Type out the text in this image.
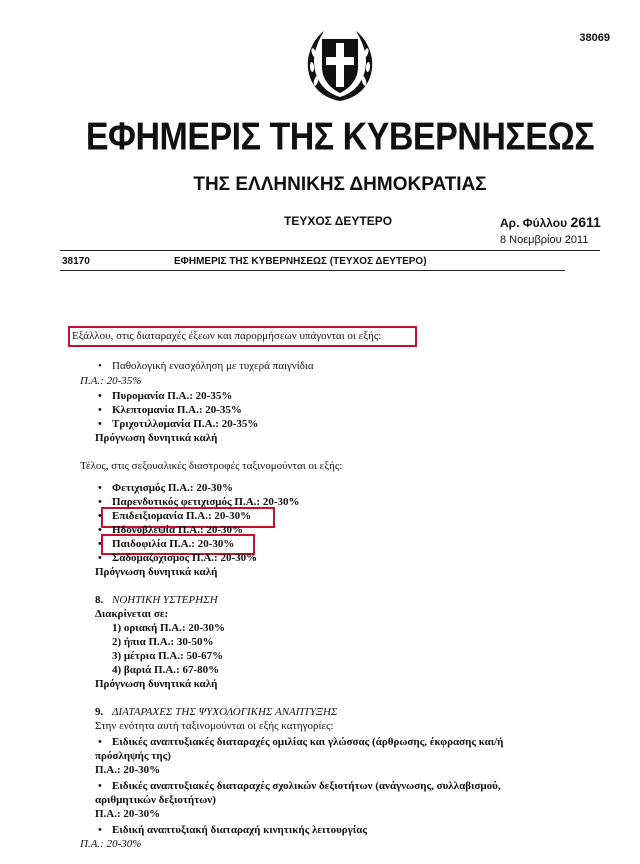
38069
ΕΦΗΜΕΡΙΣ ΤΗΣ ΚΥΒΕΡΝΗΣΕΩΣ
ΤΗΣ ΕΛΛΗΝΙΚΗΣ ΔΗΜΟΚΡΑΤΙΑΣ
ΤΕΥΧΟΣ ΔΕΥΤΕΡΟ	Αρ. Φύλλου 2611
8 Νοεμβρίου 2011
38170	ΕΦΗΜΕΡΙΣ ΤΗΣ ΚΥΒΕΡΝΗΣΕΩΣ (ΤΕΥΧΟΣ ΔΕΥΤΕΡΟ)
Εξάλλου, στις διαταραχές έξεων και παρορμήσεων υπάγονται οι εξής:
• Παθολογική ενασχόληση με τυχερά παιγνίδια
Π.Α.: 20-35%
• Πυρομανία Π.Α.: 20-35%
• Κλεπτομανία Π.Α.: 20-35%
• Τριχοτιλλομανία Π.Α.: 20-35%
Πρόγνωση δυνητικά καλή
Τέλος, στις σεξουαλικές διαστροφές ταξινομούνται οι εξής:
• Φετιχισμός Π.Α.: 20-30%
• Παρενδυτικός φετιχισμός Π.Α.: 20-30%
• Επιδειξιομανία Π.Α.: 20-30%
• Ηδονοβλεψία Π.Α.: 20-30%
• Παιδοφιλία Π.Α.: 20-30%
• Σαδομαζοχισμός Π.Α.: 20-30%
Πρόγνωση δυνητικά καλή
8. ΝΟΗΤΙΚΗ ΥΣΤΕΡΗΣΗ
Διακρίνεται σε:
1) οριακή Π.Α.: 20-30%
2) ήπια Π.Α.: 30-50%
3) μέτρια Π.Α.: 50-67%
4) βαριά Π.Α.: 67-80%
Πρόγνωση δυνητικά καλή
9. ΔΙΑΤΑΡΑΧΕΣ ΤΗΣ ΨΥΧΟΛΟΓΙΚΗΣ ΑΝΑΠΤΥΞΗΣ
Στην ενότητα αυτή ταξινομούνται οι εξής κατηγορίες:
• Ειδικές αναπτυξιακές διαταραχές ομιλίας και γλώσσας (άρθρωσης, έκφρασης και/ή
πρόσληψής της)
Π.Α.: 20-30%
• Ειδικές αναπτυξιακές διαταραχές σχολικών δεξιοτήτων (ανάγνωσης, συλλαβισμού,
αριθμητικών δεξιοτήτων)
Π.Α.: 20-30%
• Ειδική αναπτυξιακή διαταραχή κινητικής λειτουργίας
Π.Α.: 20-30%
